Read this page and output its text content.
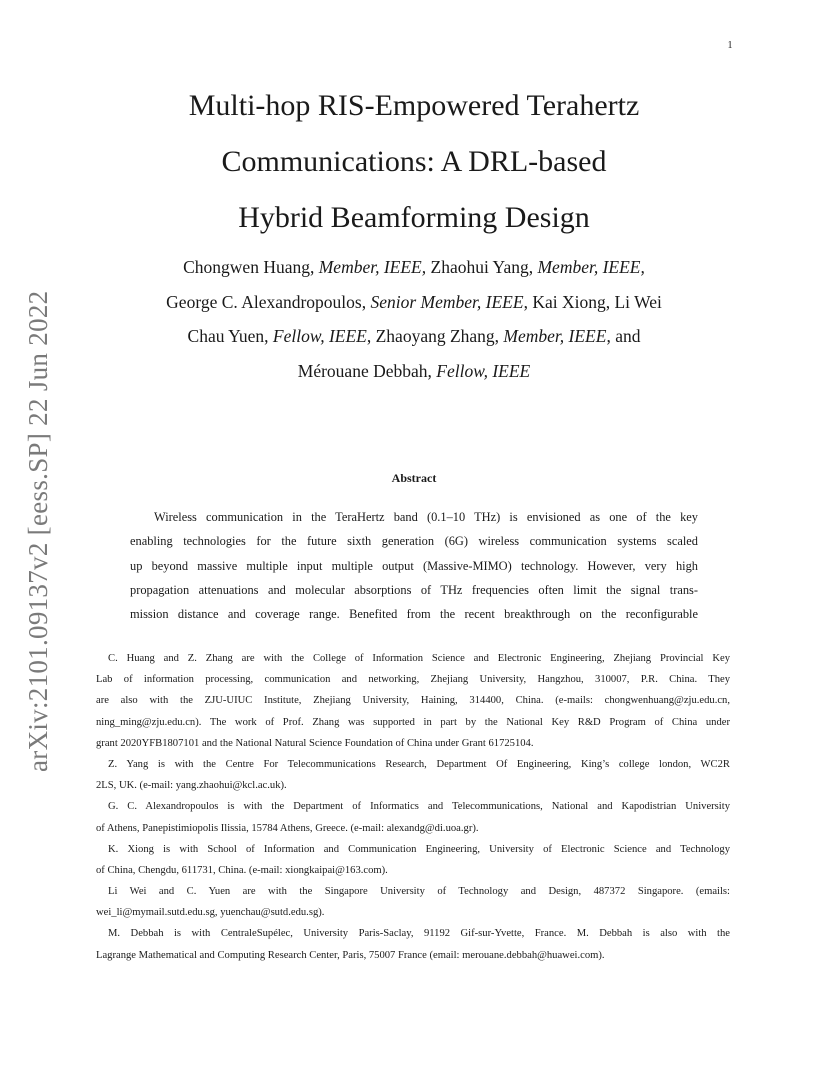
1
arXiv:2101.09137v2 [eess.SP] 22 Jun 2022
Multi-hop RIS-Empowered Terahertz
Communications: A DRL-based
Hybrid Beamforming Design
Chongwen Huang, Member, IEEE, Zhaohui Yang, Member, IEEE,
George C. Alexandropoulos, Senior Member, IEEE, Kai Xiong, Li Wei
Chau Yuen, Fellow, IEEE, Zhaoyang Zhang, Member, IEEE, and
Mérouane Debbah, Fellow, IEEE
Abstract
Wireless communication in the TeraHertz band (0.1–10 THz) is envisioned as one of the key
enabling technologies for the future sixth generation (6G) wireless communication systems scaled
up beyond massive multiple input multiple output (Massive-MIMO) technology. However, very high
propagation attenuations and molecular absorptions of THz frequencies often limit the signal trans-
mission distance and coverage range. Benefited from the recent breakthrough on the reconfigurable
C. Huang and Z. Zhang are with the College of Information Science and Electronic Engineering, Zhejiang Provincial Key
Lab of information processing, communication and networking, Zhejiang University, Hangzhou, 310007, P.R. China. They
are also with the ZJU-UIUC Institute, Zhejiang University, Haining, 314400, China. (e-mails: chongwenhuang@zju.edu.cn,
ning_ming@zju.edu.cn). The work of Prof. Zhang was supported in part by the National Key R&D Program of China under
grant 2020YFB1807101 and the National Natural Science Foundation of China under Grant 61725104.
Z. Yang is with the Centre For Telecommunications Research, Department Of Engineering, King’s college london, WC2R
2LS, UK. (e-mail: yang.zhaohui@kcl.ac.uk).
G. C. Alexandropoulos is with the Department of Informatics and Telecommunications, National and Kapodistrian University
of Athens, Panepistimiopolis Ilissia, 15784 Athens, Greece. (e-mail: alexandg@di.uoa.gr).
K. Xiong is with School of Information and Communication Engineering, University of Electronic Science and Technology
of China, Chengdu, 611731, China. (e-mail: xiongkaipai@163.com).
Li Wei and C. Yuen are with the Singapore University of Technology and Design, 487372 Singapore. (emails:
wei_li@mymail.sutd.edu.sg, yuenchau@sutd.edu.sg).
M. Debbah is with CentraleSupélec, University Paris-Saclay, 91192 Gif-sur-Yvette, France. M. Debbah is also with the
Lagrange Mathematical and Computing Research Center, Paris, 75007 France (email: merouane.debbah@huawei.com).
